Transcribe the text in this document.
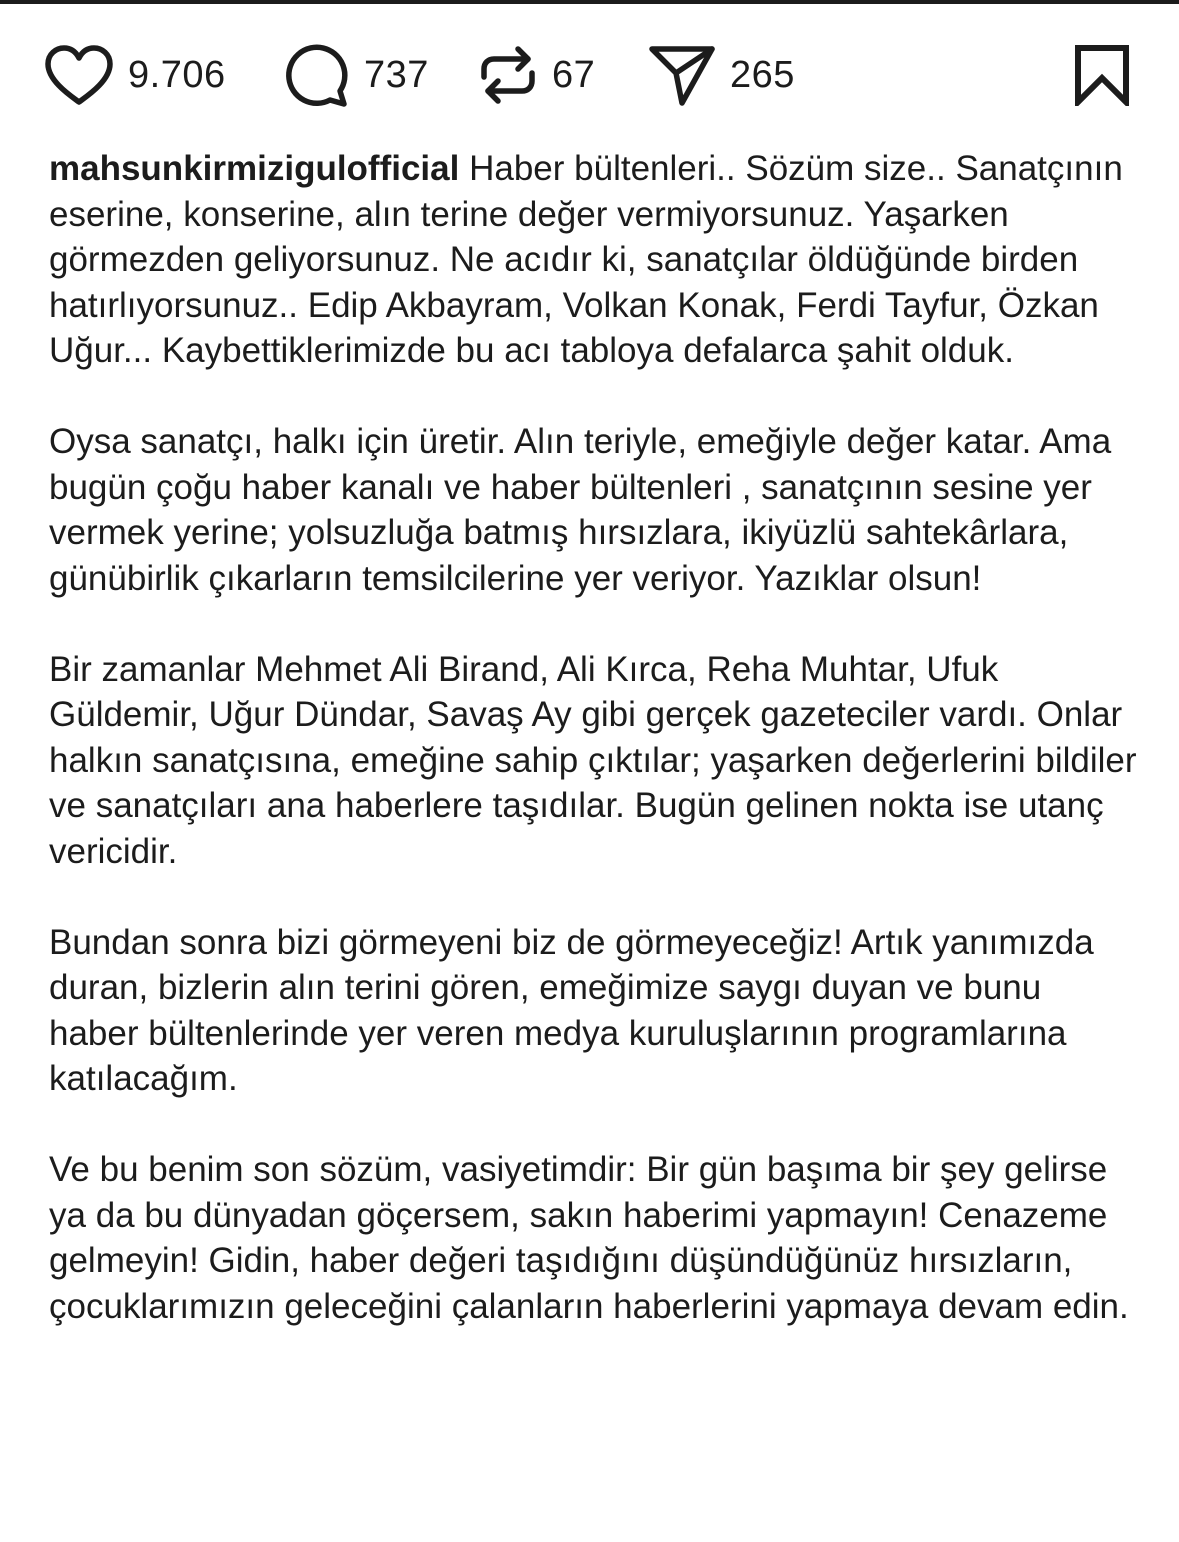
9.706	737	67	265

mahsunkirmizigulofficial Haber bültenleri.. Sözüm size.. Sanatçının eserine, konserine, alın terine değer vermiyorsunuz. Yaşarken görmezden geliyorsunuz. Ne acıdır ki, sanatçılar öldüğünde birden hatırlıyorsunuz.. Edip Akbayram, Volkan Konak, Ferdi Tayfur, Özkan Uğur... Kaybettiklerimizde bu acı tabloya defalarca şahit olduk.

Oysa sanatçı, halkı için üretir. Alın teriyle, emeğiyle değer katar. Ama bugün çoğu haber kanalı ve haber bültenleri , sanatçının sesine yer vermek yerine; yolsuzluğa batmış hırsızlara, ikiyüzlü sahtekârlara, günübirlik çıkarların temsilcilerine yer veriyor. Yazıklar olsun!

Bir zamanlar Mehmet Ali Birand, Ali Kırca, Reha Muhtar, Ufuk Güldemir, Uğur Dündar, Savaş Ay gibi gerçek gazeteciler vardı. Onlar halkın sanatçısına, emeğine sahip çıktılar; yaşarken değerlerini bildiler ve sanatçıları ana haberlere taşıdılar. Bugün gelinen nokta ise utanç vericidir.

Bundan sonra bizi görmeyeni biz de görmeyeceğiz! Artık yanımızda duran, bizlerin alın terini gören, emeğimize saygı duyan ve bunu haber bültenlerinde yer veren medya kuruluşlarının programlarına katılacağım.

Ve bu benim son sözüm, vasiyetimdir: Bir gün başıma bir şey gelirse ya da bu dünyadan göçersem, sakın haberimi yapmayın! Cenazeme gelmeyin! Gidin, haber değeri taşıdığını düşündüğünüz hırsızların, çocuklarımızın geleceğini çalanların haberlerini yapmaya devam edin.
